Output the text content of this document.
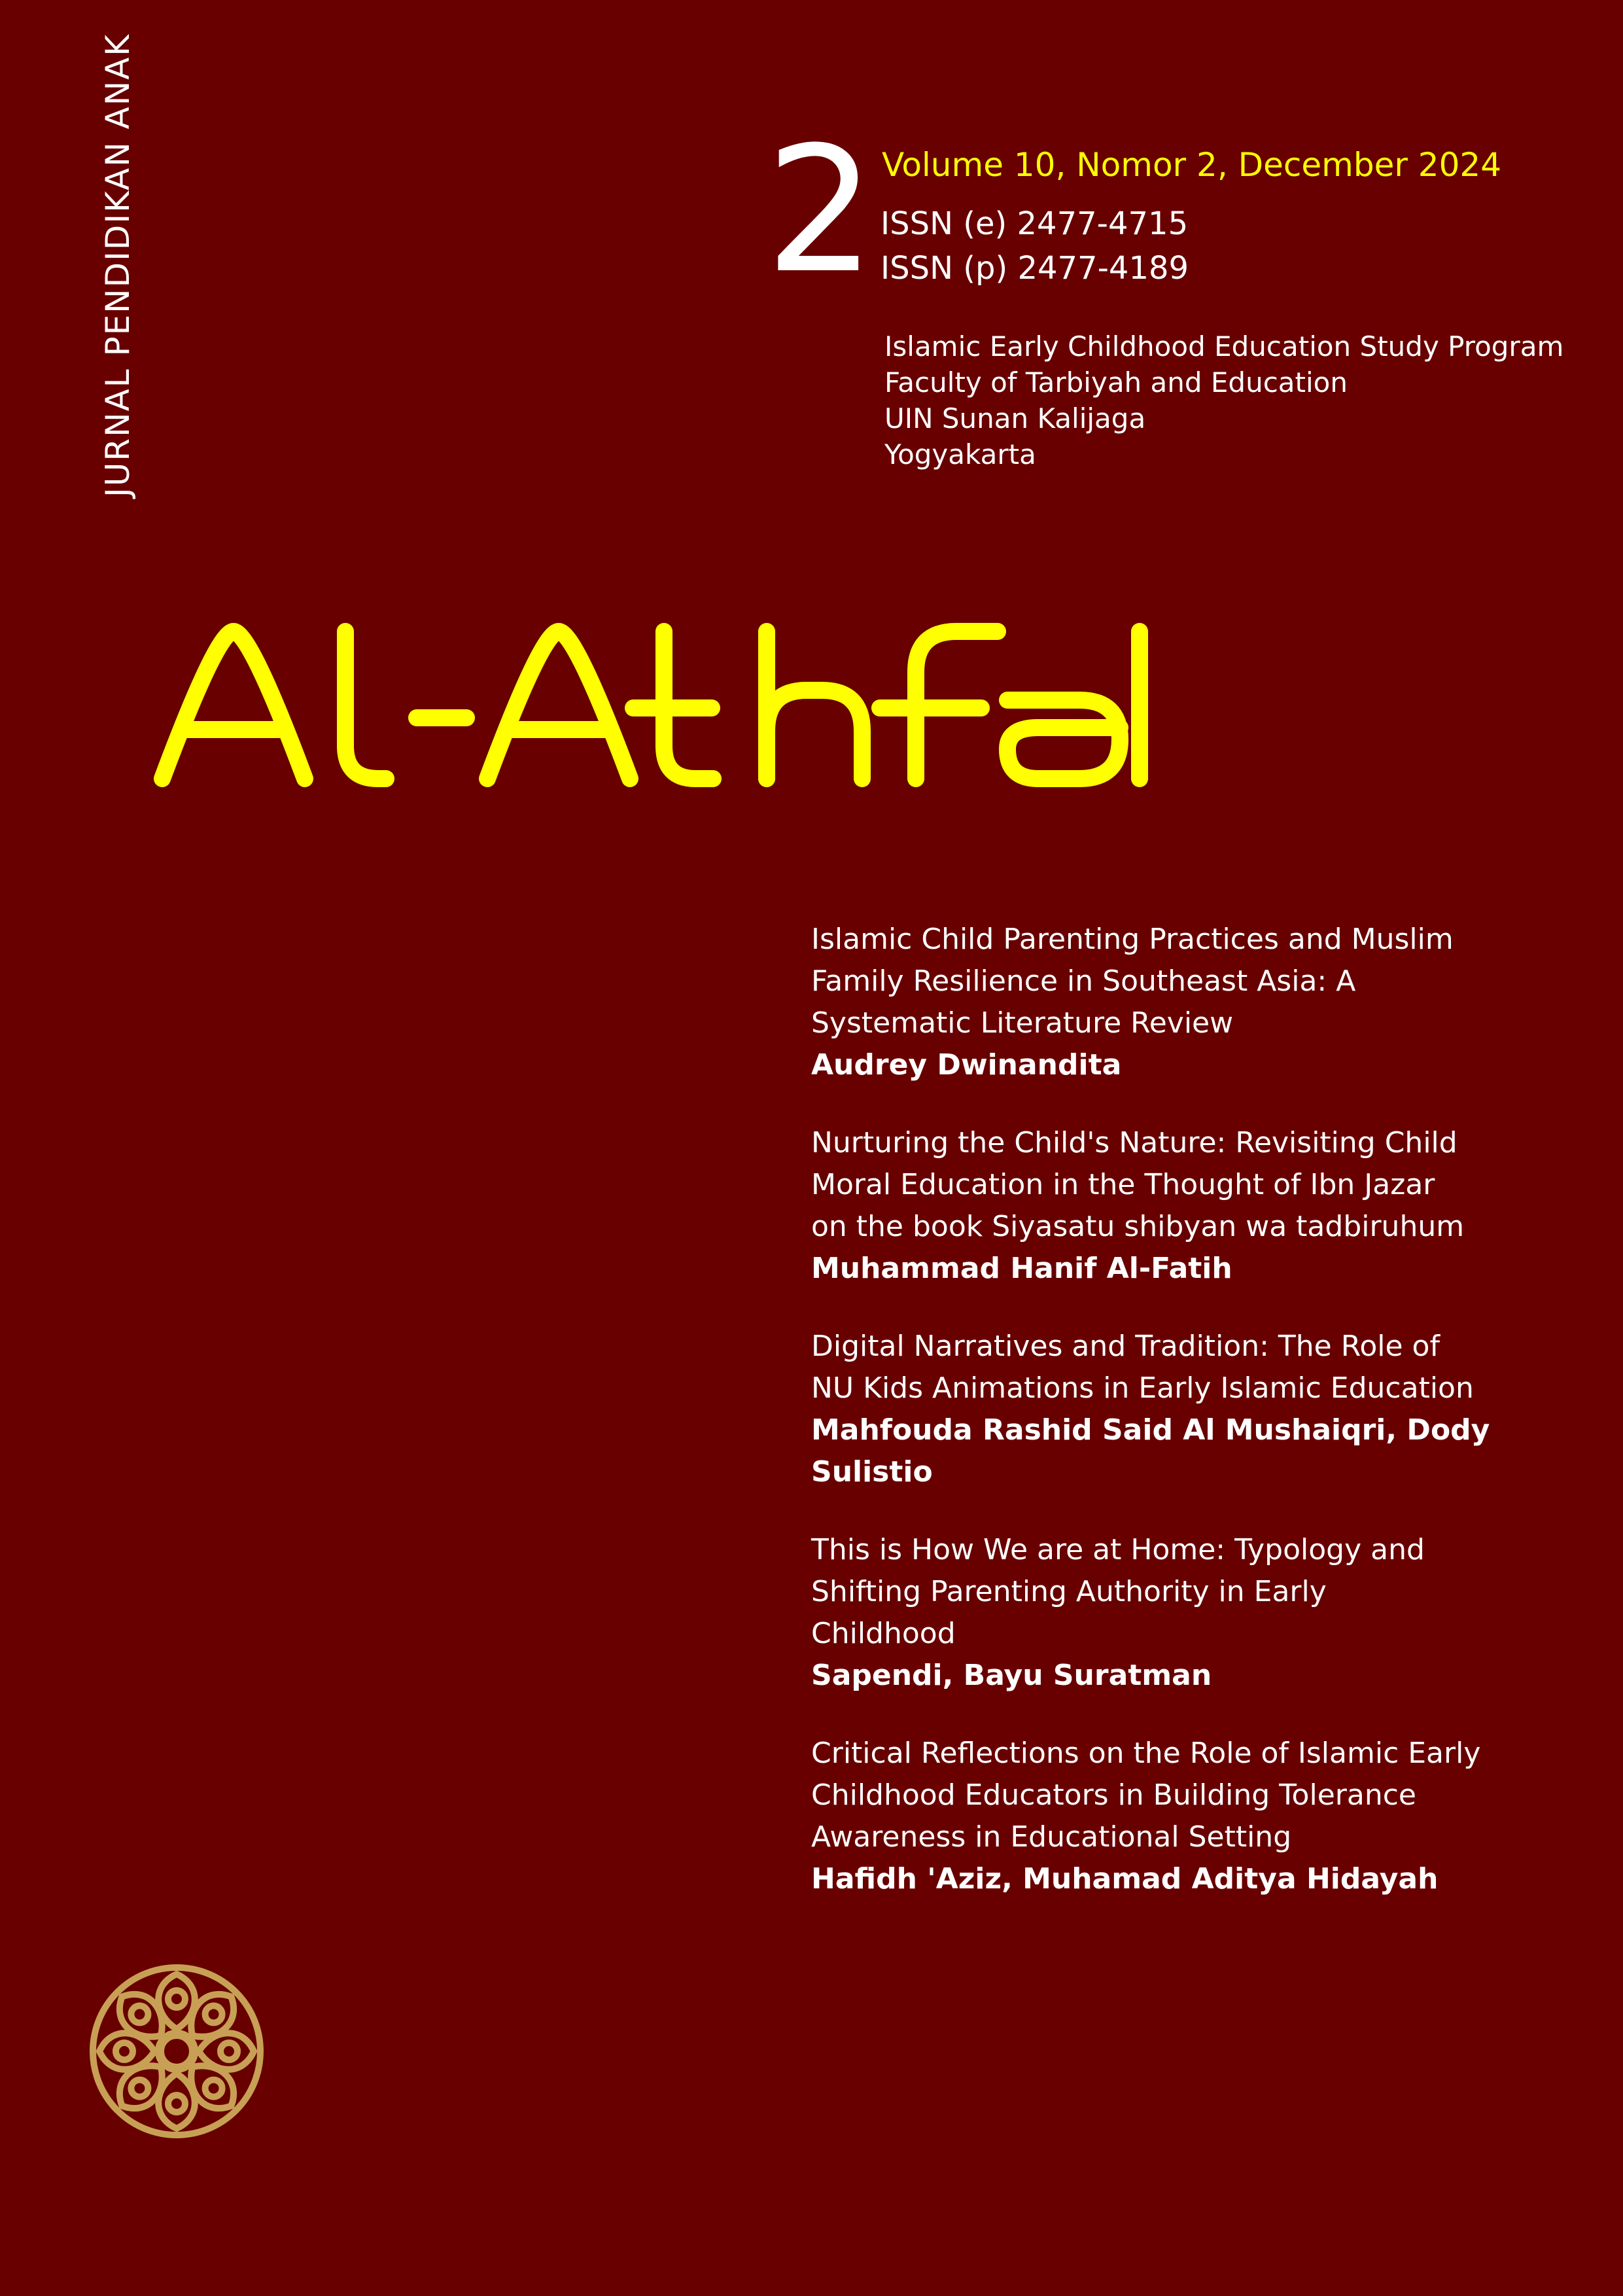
2 Volume 10, Nomor 2, December 2024
ISSN (e) 2477-4715
ISSN (p) 2477-4189
Islamic Early Childhood Education Study Program
Faculty of Tarbiyah and Education
UIN Sunan Kalijaga
Yogyakarta
JURNAL PENDIDIKAN ANAK
Islamic Child Parenting Practices and Muslim
Family Resilience in Southeast Asia: A
Systematic Literature Review
Audrey Dwinandita
Nurturing the Child's Nature: Revisiting Child
Moral Education in the Thought of Ibn Jazar
on the book Siyasatu shibyan wa tadbiruhum
Muhammad Hanif Al-Fatih
Digital Narratives and Tradition: The Role of
NU Kids Animations in Early Islamic Education
Mahfouda Rashid Said Al Mushaiqri, Dody
Sulistio
This is How We are at Home: Typology and
Shifting Parenting Authority in Early
Childhood
Sapendi, Bayu Suratman
Critical Reflections on the Role of Islamic Early
Childhood Educators in Building Tolerance
Awareness in Educational Setting
Hafidh 'Aziz, Muhamad Aditya Hidayah
